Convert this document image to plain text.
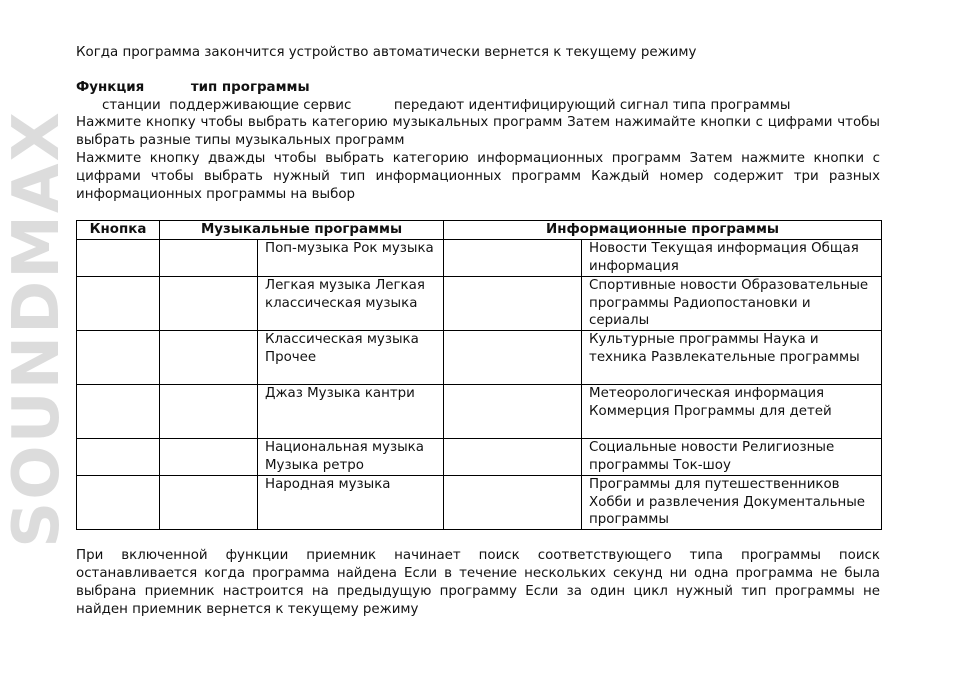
SOUNDMAX

Когда программа закончится устройство автоматически вернется к текущему режиму

Функция          тип программы

станции  поддерживающие сервис          передают идентифицирующий сигнал типа программы

Нажмите кнопку чтобы выбрать категорию музыкальных программ Затем нажимайте кнопки с цифрами чтобы выбрать разные типы музыкальных программ

Нажмите кнопку дважды чтобы выбрать категорию информационных программ Затем нажмите кнопки с цифрами чтобы выбрать нужный тип информационных программ Каждый номер содержит три разных информационных программы на выбор

Кнопка	Музыкальные программы		Информационные программы	
		Поп-музыка Рок музыка		Новости Текущая информация Общая информация
		Легкая музыка Легкая классическая музыка		Спортивные новости Образовательные программы Радиопостановки и сериалы
		Классическая музыка Прочее		Культурные программы Наука и техника Развлекательные программы
		Джаз Музыка кантри		Метеорологическая информация Коммерция Программы для детей
		Национальная музыка Музыка ретро		Социальные новости Религиозные программы Ток-шоу
		Народная музыка		Программы для путешественников Хобби и развлечения Документальные программы

При включенной функции приемник начинает поиск соответствующего типа программы поиск останавливается когда программа найдена Если в течение нескольких секунд ни одна программа не была выбрана приемник настроится на предыдущую программу Если за один цикл нужный тип программы не найден приемник вернется к текущему режиму
